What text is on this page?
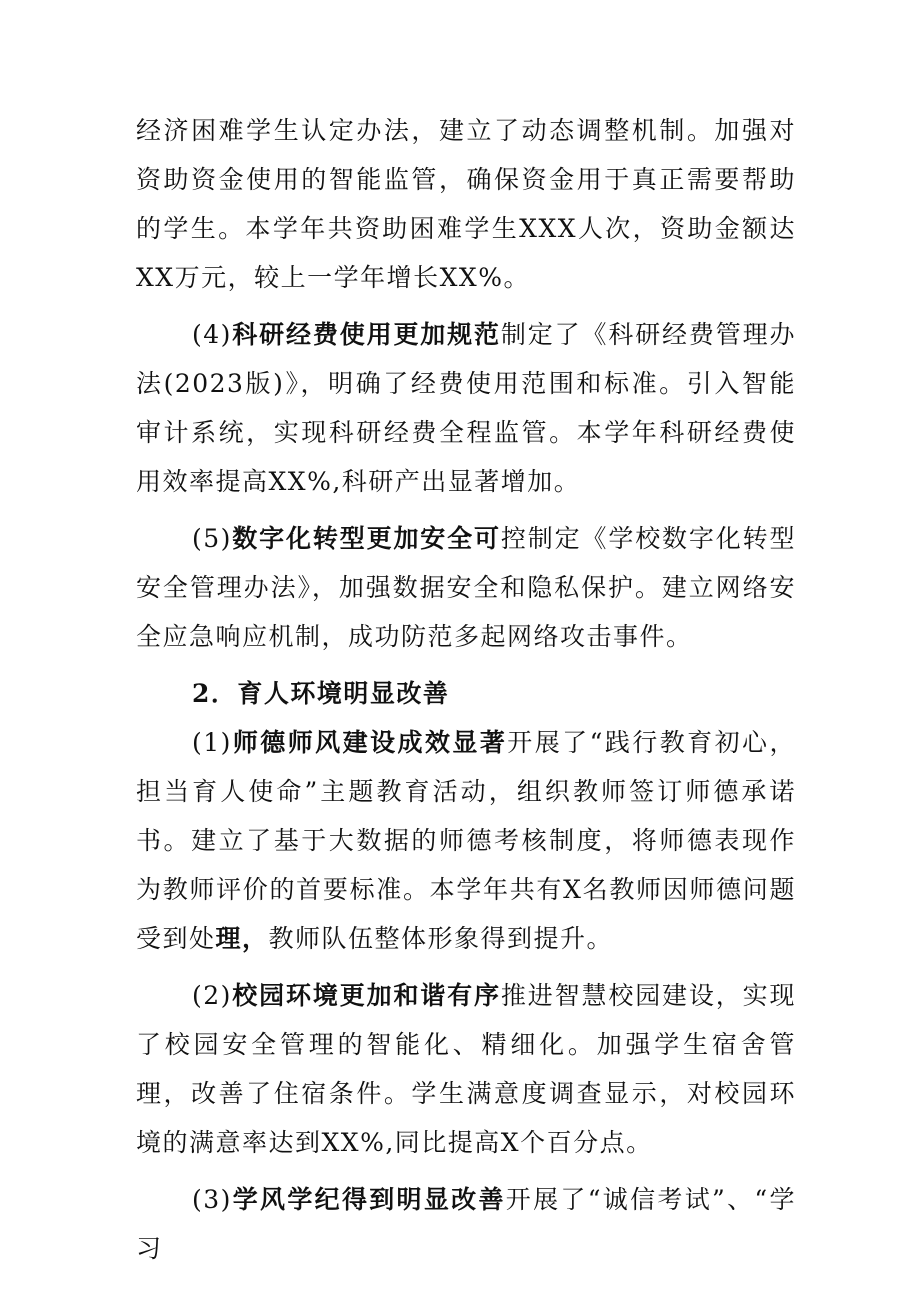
经济困难学生认定办法，建立了动态调整机制。加强对资助资金使用的智能监管，确保资金用于真正需要帮助的学生。本学年共资助困难学生XXX人次，资助金额达XX万元，较上一学年增长XX%。

(4)科研经费使用更加规范制定了《科研经费管理办法(2023版)》，明确了经费使用范围和标准。引入智能审计系统，实现科研经费全程监管。本学年科研经费使用效率提高XX%,科研产出显著增加。

(5)数字化转型更加安全可控制定《学校数字化转型安全管理办法》，加强数据安全和隐私保护。建立网络安全应急响应机制，成功防范多起网络攻击事件。

2．育人环境明显改善

(1)师德师风建设成效显著开展了“践行教育初心，担当育人使命”主题教育活动，组织教师签订师德承诺书。建立了基于大数据的师德考核制度，将师德表现作为教师评价的首要标准。本学年共有X名教师因师德问题受到处理，教师队伍整体形象得到提升。

(2)校园环境更加和谐有序推进智慧校园建设，实现了校园安全管理的智能化、精细化。加强学生宿舍管理，改善了住宿条件。学生满意度调查显示，对校园环境的满意率达到XX%,同比提高X个百分点。

(3)学风学纪得到明显改善开展了“诚信考试”、“学习
